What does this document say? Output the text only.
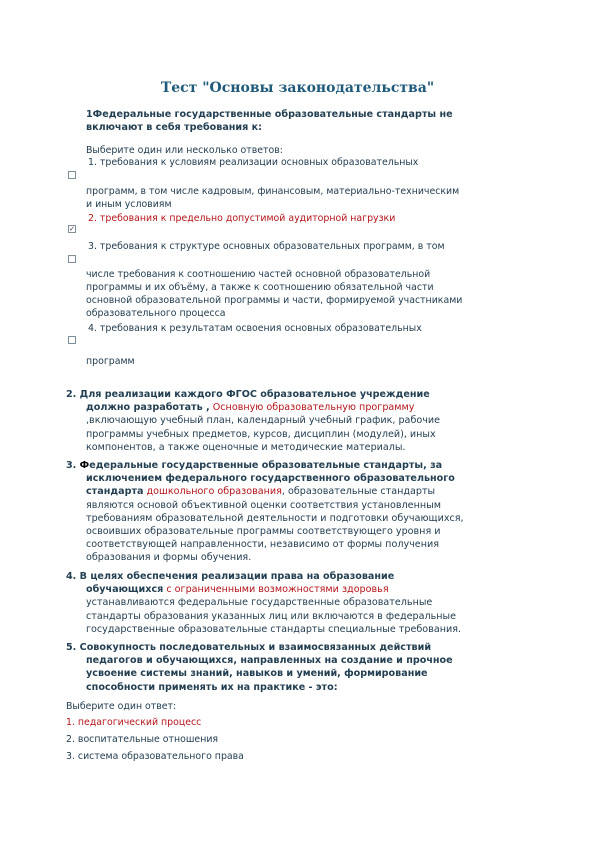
Тест "Основы законодательства"
1Федеральные государственные образовательные стандарты не
включают в себя требования к:
Выберите один или несколько ответов:
1. требования к условиям реализации основных образовательных
программ, в том числе кадровым, финансовым, материально-техническим
и иным условиям
✓
2. требования к предельно допустимой аудиторной нагрузки
3. требования к структуре основных образовательных программ, в том
числе требования к соотношению частей основной образовательной
программы и их объёму, а также к соотношению обязательной части
основной образовательной программы и части, формируемой участниками
образовательного процесса
4. требования к результатам освоения основных образовательных
программ
2. Для реализации каждого ФГОС образовательное учреждение
должно разработать , Основную образовательную программу
,включающую учебный план, календарный учебный график, рабочие
программы учебных предметов, курсов, дисциплин (модулей), иных
компонентов, а также оценочные и методические материалы.
3. Федеральные государственные образовательные стандарты, за
исключением федерального государственного образовательного
стандарта дошкольного образования, образовательные стандарты
являются основой объективной оценки соответствия установленным
требованиям образовательной деятельности и подготовки обучающихся,
освоивших образовательные программы соответствующего уровня и
соответствующей направленности, независимо от формы получения
образования и формы обучения.
4. В целях обеспечения реализации права на образование
обучающихся с ограниченными возможностями здоровья
устанавливаются федеральные государственные образовательные
стандарты образования указанных лиц или включаются в федеральные
государственные образовательные стандарты специальные требования.
5. Совокупность последовательных и взаимосвязанных действий
педагогов и обучающихся, направленных на создание и прочное
усвоение системы знаний, навыков и умений, формирование
способности применять их на практике - это:
Выберите один ответ:
1. педагогический процесс
2. воспитательные отношения
3. система образовательного права
